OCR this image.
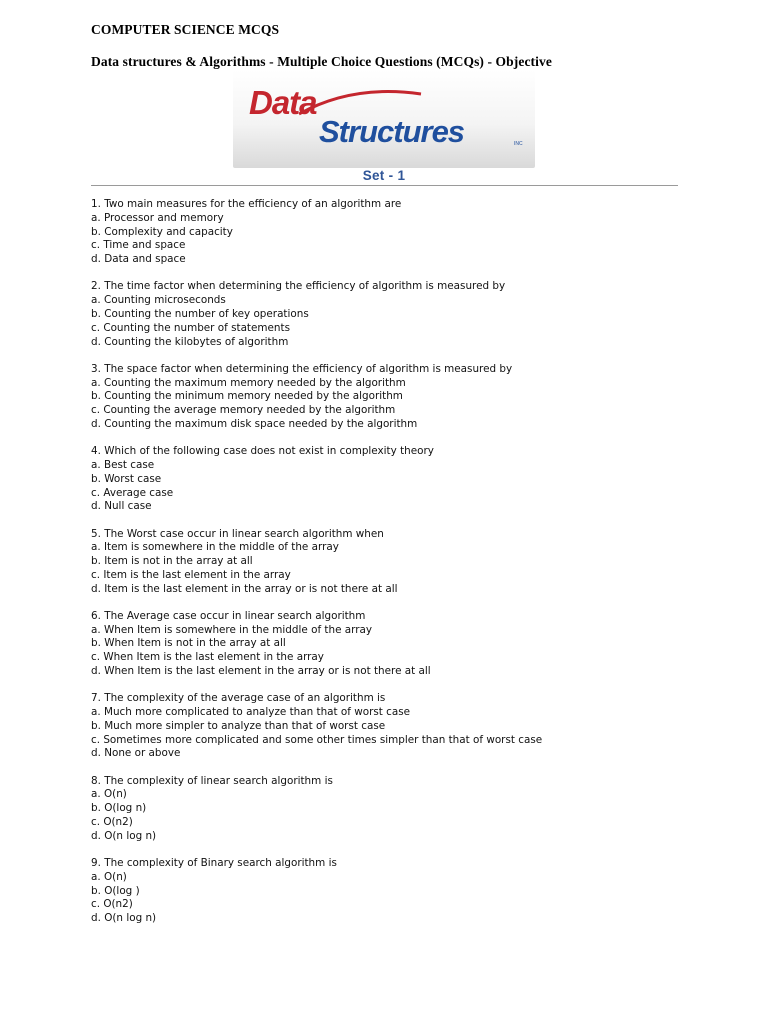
COMPUTER SCIENCE MCQS

Data structures & Algorithms - Multiple Choice Questions (MCQs) - Objective

Data
Structures	INC
Set - 1
1. Two main measures for the efficiency of an algorithm are
a. Processor and memory
b. Complexity and capacity
c. Time and space
d. Data and space
2. The time factor when determining the efficiency of algorithm is measured by
a. Counting microseconds
b. Counting the number of key operations
c. Counting the number of statements
d. Counting the kilobytes of algorithm
3. The space factor when determining the efficiency of algorithm is measured by
a. Counting the maximum memory needed by the algorithm
b. Counting the minimum memory needed by the algorithm
c. Counting the average memory needed by the algorithm
d. Counting the maximum disk space needed by the algorithm
4. Which of the following case does not exist in complexity theory
a. Best case
b. Worst case
c. Average case
d. Null case
5. The Worst case occur in linear search algorithm when
a. Item is somewhere in the middle of the array
b. Item is not in the array at all
c. Item is the last element in the array
d. Item is the last element in the array or is not there at all
6. The Average case occur in linear search algorithm
a. When Item is somewhere in the middle of the array
b. When Item is not in the array at all
c. When Item is the last element in the array
d. When Item is the last element in the array or is not there at all
7. The complexity of the average case of an algorithm is
a. Much more complicated to analyze than that of worst case
b. Much more simpler to analyze than that of worst case
c. Sometimes more complicated and some other times simpler than that of worst case
d. None or above
8. The complexity of linear search algorithm is
a. O(n)
b. O(log n)
c. O(n2)
d. O(n log n)
9. The complexity of Binary search algorithm is
a. O(n)
b. O(log )
c. O(n2)
d. O(n log n)
